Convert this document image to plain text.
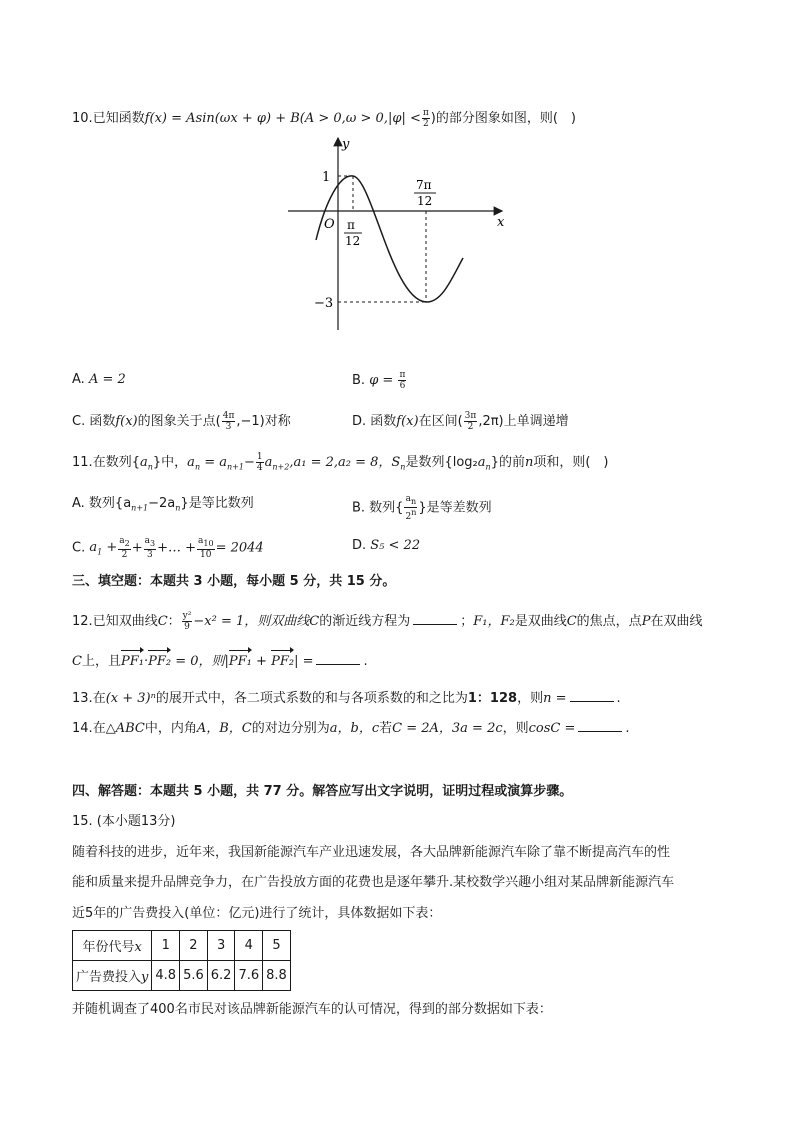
10.已知函数$f(x) = Asin(\omega x + \varphi) + B(A > 0,\omega > 0,|\varphi| < \frac{\pi}{2}$ )的部分图象如图，则(　)
y
x
O
1
−3
π
12
7π
12
A. A = 2	B. $\varphi = \frac{\pi}{6}$
C. 函数f(x)的图象关于点( $\frac{4\pi}{3} ,-1$)对称	D. 函数f(x)在区间( $\frac{3\pi}{2} ,2\pi$)上单调递增
11.在数列$\{a_n\}$中，$a_n = a_{n+1}- \frac{1}{4} a_{n+2},a_1 = 2,a_2 = 8$，$S_n$是数列$\{\log_2a_n\}$的前n项和，则(　)
A. 数列$\{a_{n+1}-2a_n\}$是等比数列	B. 数列{ $\frac{a_n}{2^n}$ }是等差数列
C. $a_1 + \frac{a_2}{2} + \frac{a_3}{3}$ +… + $\frac{a_{10}}{10} = 2044$	D. S₅ < 22
三、填空题：本题共 3 小题，每小题 5 分，共 15 分。
12.已知双曲线C： $\frac{\text{y²}}{9} -x^2 = 1$，则双曲线C的渐近线方程为	；F₁，F₂是双曲线C的焦点，点P在双曲线
C上，且PF₁·PF₂ = 0，则|PF₁ + PF₂| =	.
13.在(x + 3)ⁿ的展开式中，各二项式系数的和与各项系数的和之比为1：128，则n =	.
14.在△ABC中，内角A，B，C的对边分别为a，b，c若C = 2A，3a = 2c，则cosC =	.
四、解答题：本题共 5 小题，共 77 分。解答应写出文字说明，证明过程或演算步骤。
15. (本小题13分)
随着科技的进步，近年来，我国新能源汽车产业迅速发展，各大品牌新能源汽车除了靠不断提高汽车的性
能和质量来提升品牌竞争力，在广告投放方面的花费也是逐年攀升.某校数学兴趣小组对某品牌新能源汽车
近5年的广告费投入(单位：亿元)进行了统计，具体数据如下表：
年份代号x	1	2	3	4	5
广告费投入y	4.8	5.6	6.2	7.6	8.8
并随机调查了400名市民对该品牌新能源汽车的认可情况，得到的部分数据如下表：
